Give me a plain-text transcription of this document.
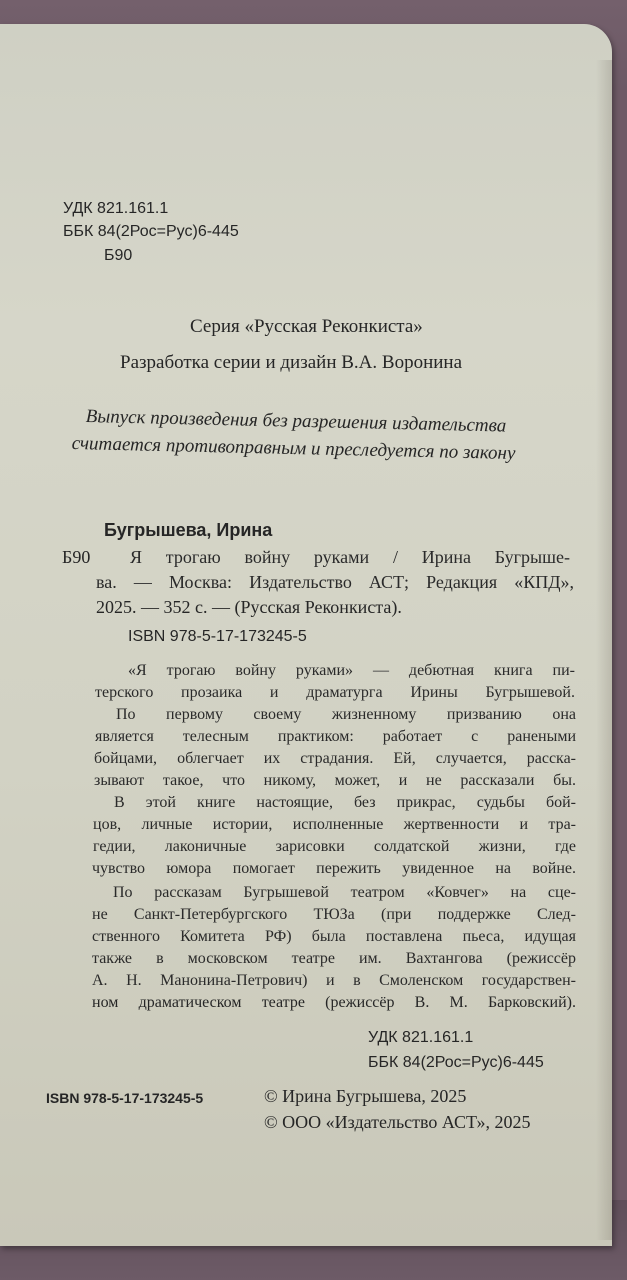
УДК 821.161.1
ББК 84(2Рос=Рус)6-445
Б90
Серия «Русская Реконкиста»
Разработка серии и дизайн В.А. Воронина
Выпуск произведения без разрешения издательства
считается противоправным и преследуется по закону
Бугрышева, Ирина
Б90 Я трогаю войну руками / Ирина Бугрыше-
ва. — Москва: Издательство АСТ; Редакция «КПД»,
2025. — 352 с. — (Русская Реконкиста).
ISBN 978-5-17-173245-5
«Я трогаю войну руками» — дебютная книга пи-
терского прозаика и драматурга Ирины Бугрышевой.
По первому своему жизненному призванию она
является телесным практиком: работает с ранеными
бойцами, облегчает их страдания. Ей, случается, расска-
зывают такое, что никому, может, и не рассказали бы.
В этой книге настоящие, без прикрас, судьбы бой-
цов, личные истории, исполненные жертвенности и тра-
гедии, лаконичные зарисовки солдатской жизни, где
чувство юмора помогает пережить увиденное на войне.
По рассказам Бугрышевой театром «Ковчег» на сце-
не Санкт-Петербургского ТЮЗа (при поддержке След-
ственного Комитета РФ) была поставлена пьеса, идущая
также в московском театре им. Вахтангова (режиссёр
А. Н. Манонина-Петрович) и в Смоленском государствен-
ном драматическом театре (режиссёр В. М. Барковский).
УДК 821.161.1
ББК 84(2Рос=Рус)6-445
ISBN 978-5-17-173245-5	© Ирина Бугрышева, 2025
© ООО «Издательство АСТ», 2025
